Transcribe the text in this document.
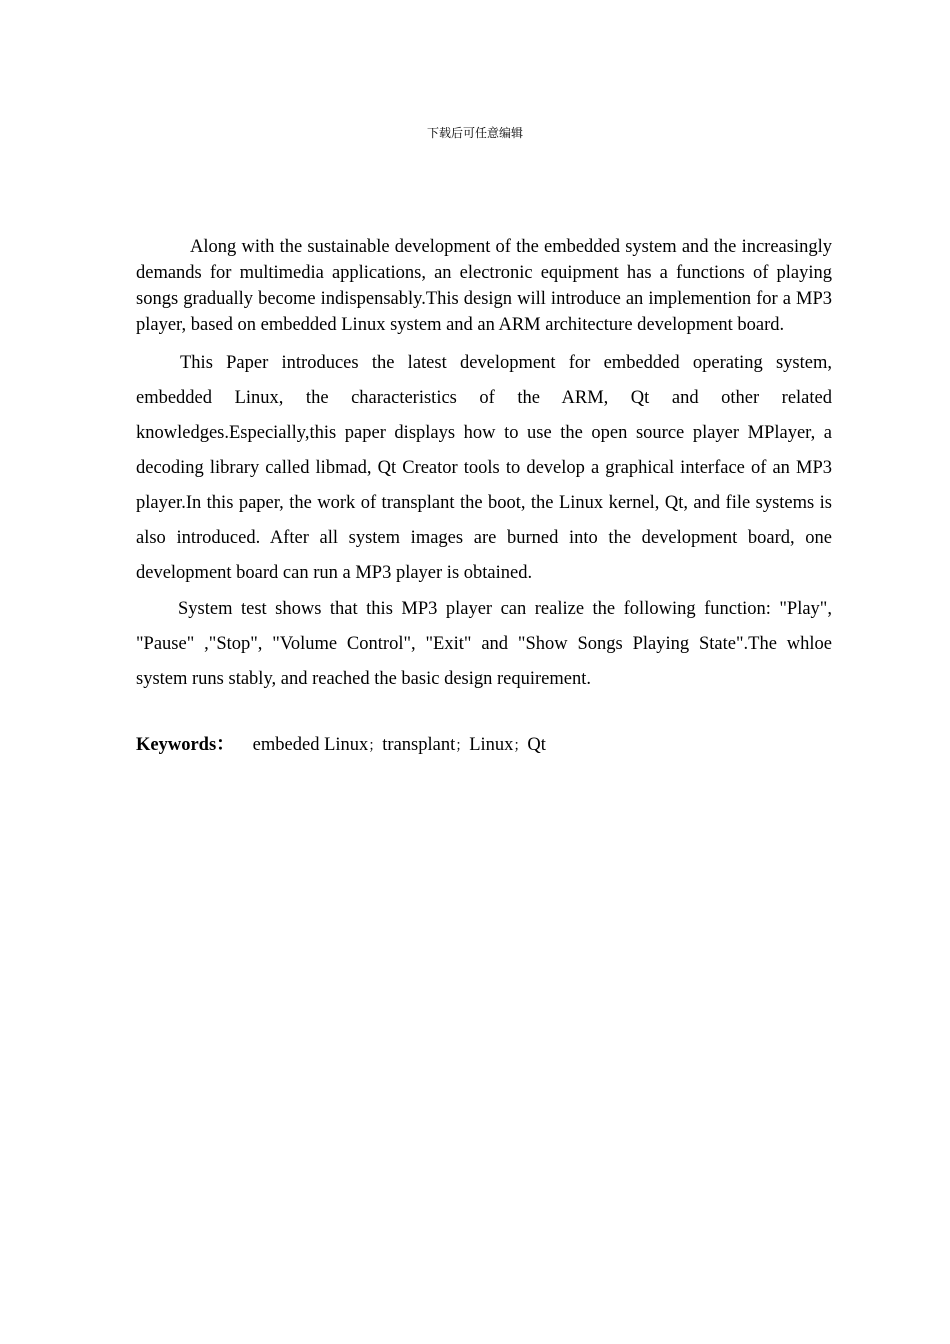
下载后可任意编辑

Along with the sustainable development of the embedded system and the increasingly demands for multimedia applications, an electronic equipment has a functions of playing songs gradually become indispensably.This design will introduce an implemention for a MP3 player, based on embedded Linux system and an ARM architecture development board.

This Paper introduces the latest development for embedded operating system, embedded Linux, the characteristics of the ARM, Qt and other related knowledges.Especially,this paper displays how to use the open source player MPlayer, a decoding library called libmad, Qt Creator tools to develop a graphical interface of an MP3 player.In this paper, the work of transplant the boot, the Linux kernel, Qt, and file systems is also introduced. After all system images are burned into the development board, one development board can run a MP3 player is obtained.

System test shows that this MP3 player can realize the following function: "Play", "Pause" ,"Stop", "Volume Control", "Exit" and "Show Songs Playing State".The whloe system runs stably, and reached the basic design requirement.

Keywords： embeded Linux；transplant；Linux；Qt
